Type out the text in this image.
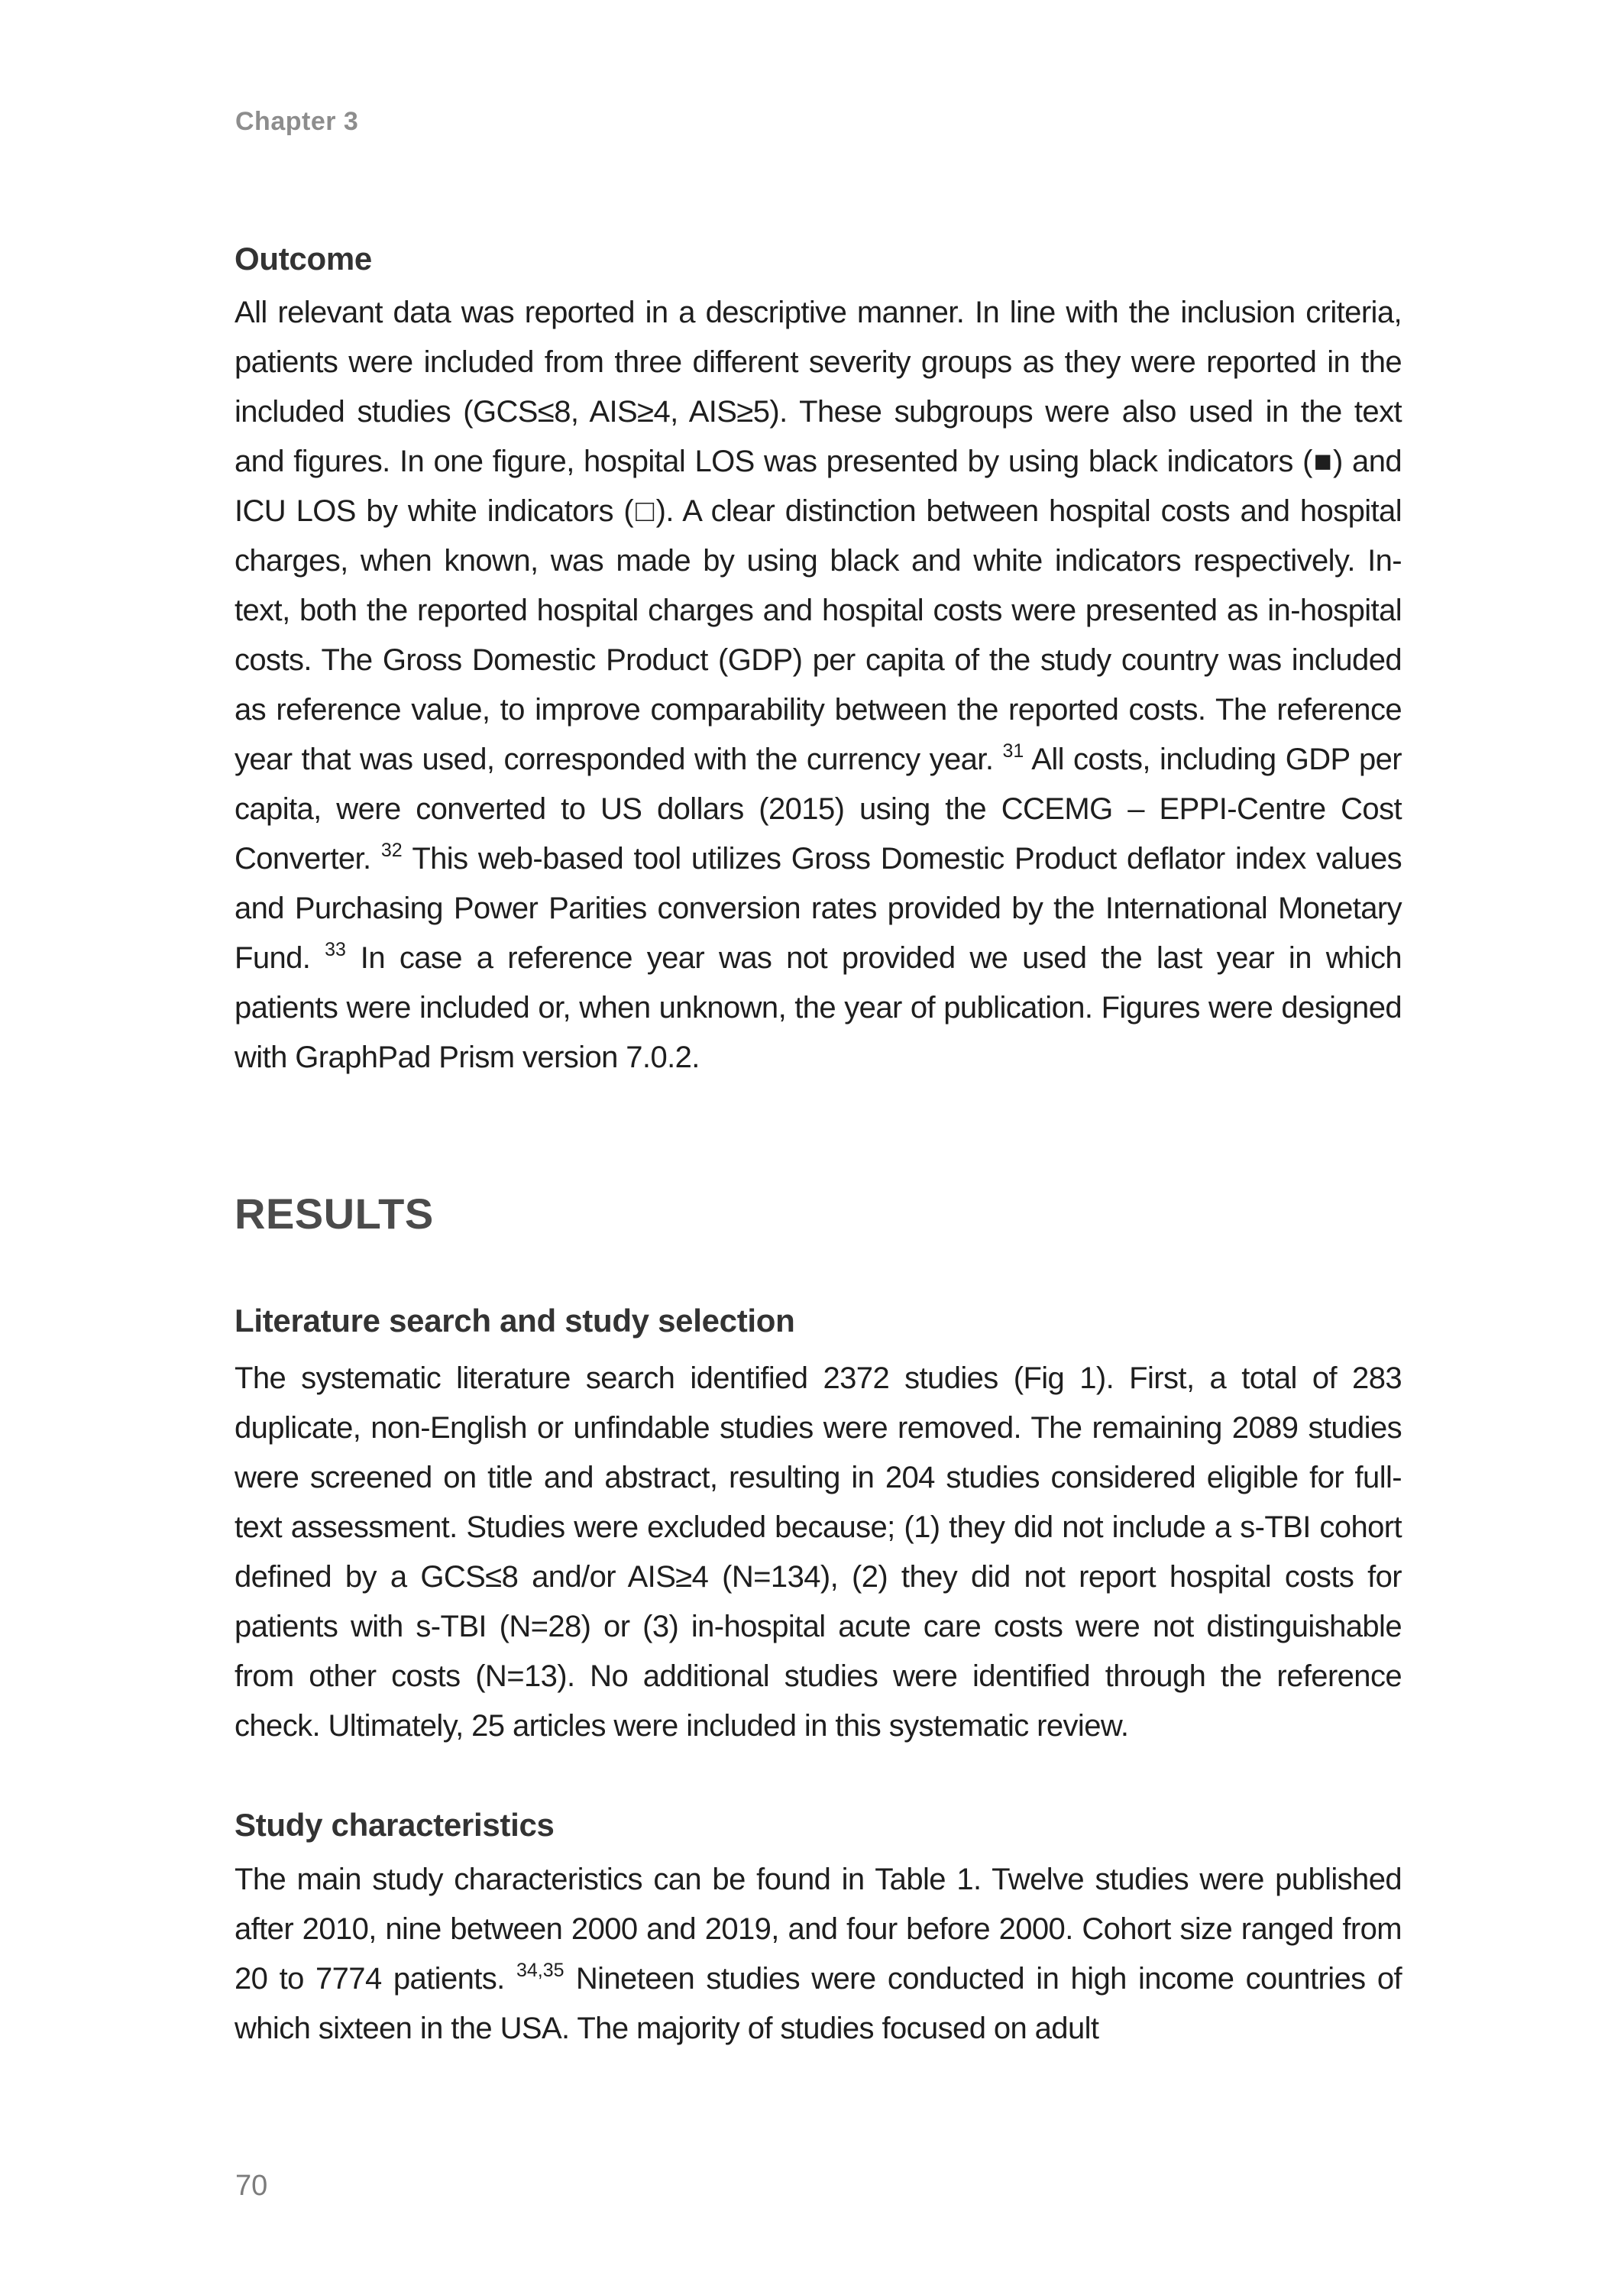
Chapter 3
Outcome
All relevant data was reported in a descriptive manner. In line with the inclusion criteria, patients were included from three different severity groups as they were reported in the included studies (GCS≤8, AIS≥4, AIS≥5). These subgroups were also used in the text and figures. In one figure, hospital LOS was presented by using black indicators (■) and ICU LOS by white indicators (□). A clear distinction between hospital costs and hospital charges, when known, was made by using black and white indicators respectively. In-text, both the reported hospital charges and hospital costs were presented as in-hospital costs. The Gross Domestic Product (GDP) per capita of the study country was included as reference value, to improve comparability between the reported costs. The reference year that was used, corresponded with the currency year. $^{31}$ All costs, including GDP per capita, were converted to US dollars (2015) using the CCEMG – EPPI-Centre Cost Converter. $^{32}$ This web-based tool utilizes Gross Domestic Product deflator index values and Purchasing Power Parities conversion rates provided by the International Monetary Fund. $^{33}$ In case a reference year was not provided we used the last year in which patients were included or, when unknown, the year of publication. Figures were designed with GraphPad Prism version 7.0.2.
RESULTS
Literature search and study selection
The systematic literature search identified 2372 studies (Fig 1). First, a total of 283 duplicate, non-English or unfindable studies were removed. The remaining 2089 studies were screened on title and abstract, resulting in 204 studies considered eligible for full-text assessment. Studies were excluded because; (1) they did not include a s-TBI cohort defined by a GCS≤8 and/or AIS≥4 (N=134), (2) they did not report hospital costs for patients with s-TBI (N=28) or (3) in-hospital acute care costs were not distinguishable from other costs (N=13). No additional studies were identified through the reference check. Ultimately, 25 articles were included in this systematic review.
Study characteristics
The main study characteristics can be found in Table 1. Twelve studies were published after 2010, nine between 2000 and 2019, and four before 2000. Cohort size ranged from 20 to 7774 patients. $^{34,35}$ Nineteen studies were conducted in high income countries of which sixteen in the USA. The majority of studies focused on adult
70
